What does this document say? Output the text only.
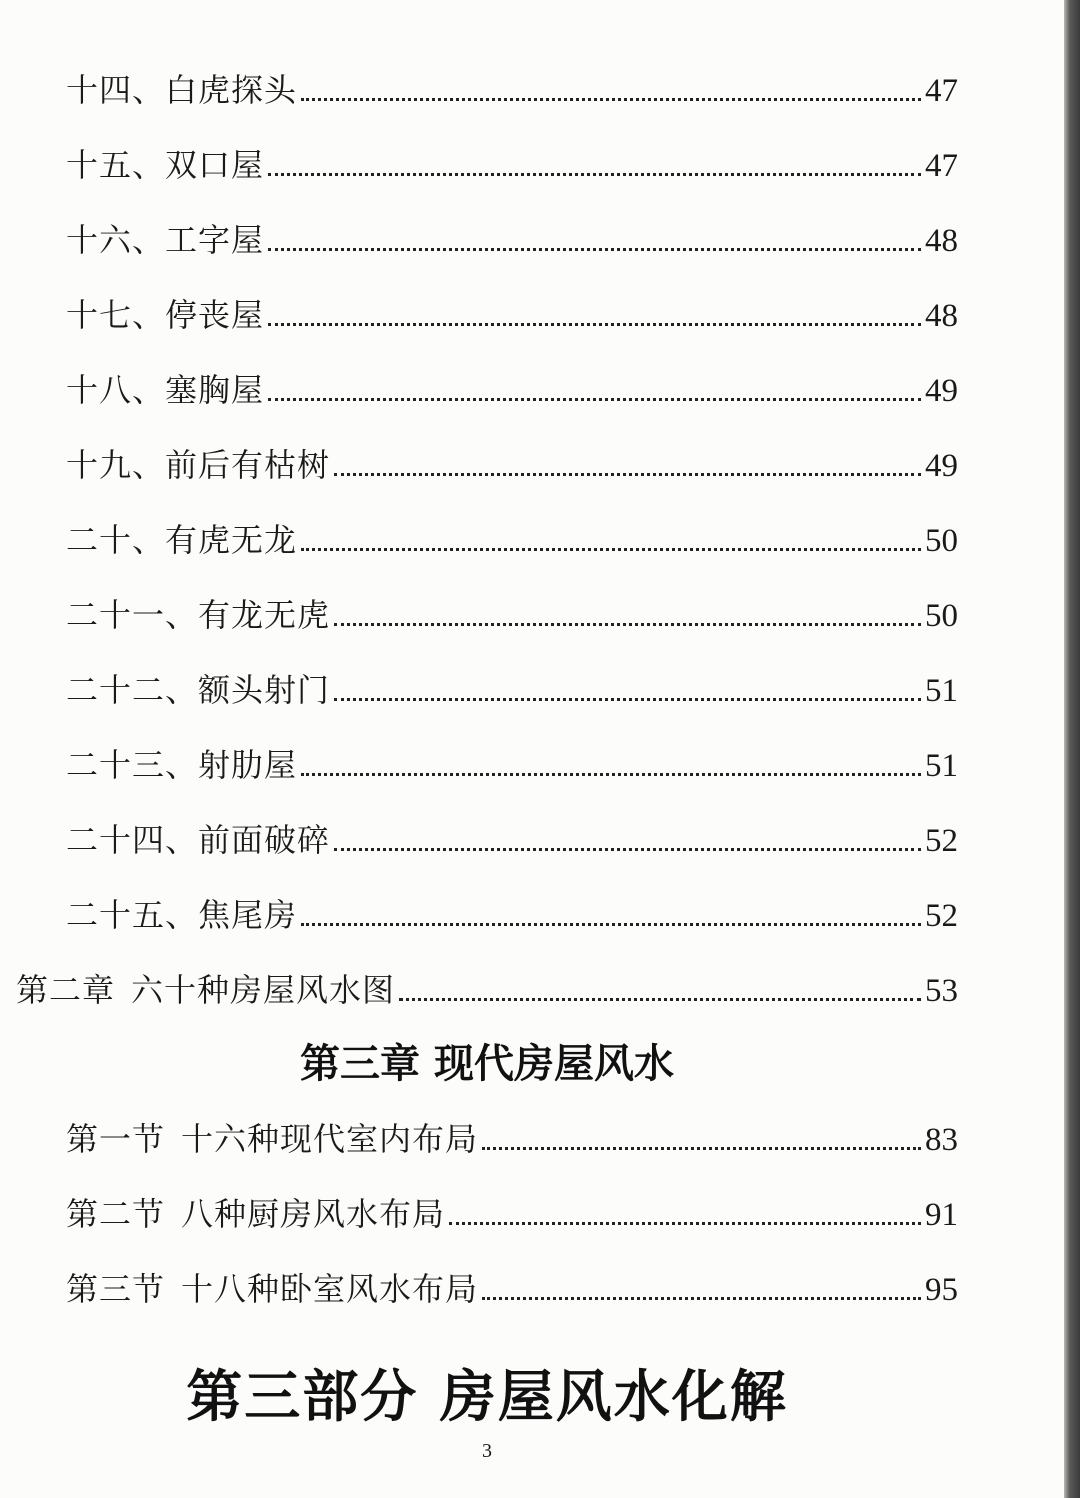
十四、白虎探头	47
十五、双口屋	47
十六、工字屋	48
十七、停丧屋	48
十八、塞胸屋	49
十九、前后有枯树	49
二十、有虎无龙	50
二十一、有龙无虎	50
二十二、额头射门	51
二十三、射肋屋	51
二十四、前面破碎	52
二十五、焦尾房	52
第二章 六十种房屋风水图	53
第三章 现代房屋风水
第一节 十六种现代室内布局	83
第二节 八种厨房风水布局	91
第三节 十八种卧室风水布局	95
第三部分 房屋风水化解
3
